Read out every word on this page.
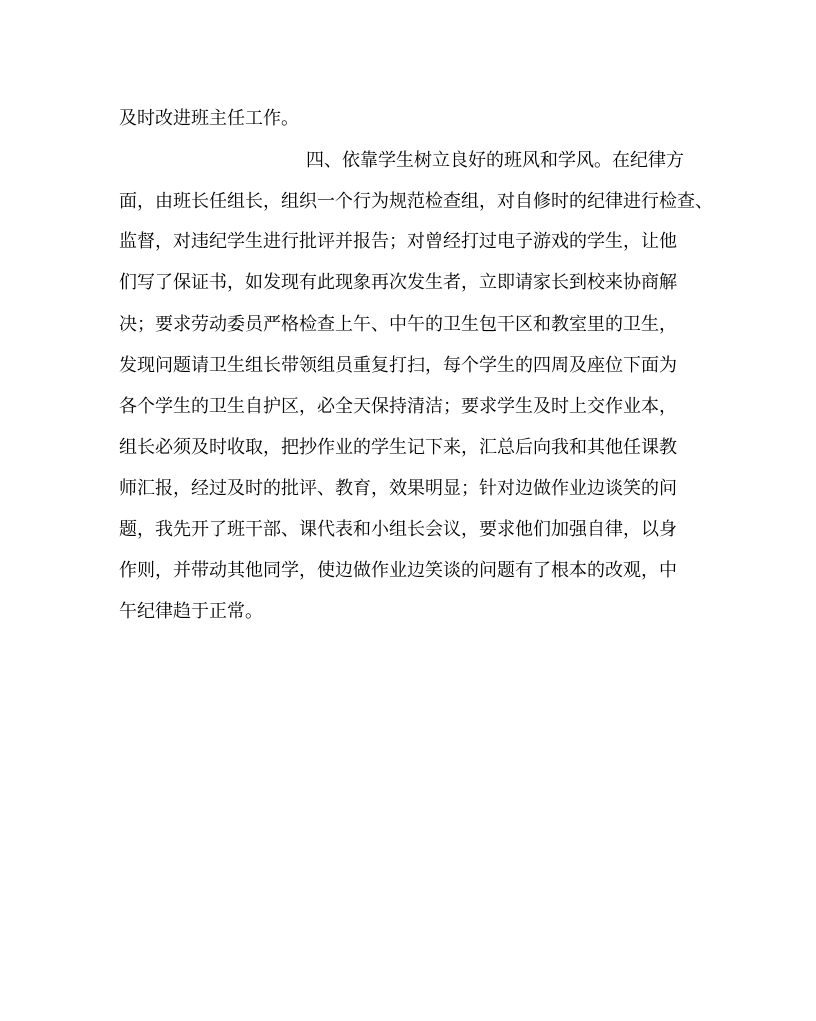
及时改进班主任工作。
四、依靠学生树立良好的班风和学风。在纪律方
面，由班长任组长，组织一个行为规范检查组，对自修时的纪律进行检查、
监督，对违纪学生进行批评并报告；对曾经打过电子游戏的学生，让他
们写了保证书，如发现有此现象再次发生者，立即请家长到校来协商解
决；要求劳动委员严格检查上午、中午的卫生包干区和教室里的卫生，
发现问题请卫生组长带领组员重复打扫，每个学生的四周及座位下面为
各个学生的卫生自护区，必全天保持清洁；要求学生及时上交作业本，
组长必须及时收取，把抄作业的学生记下来，汇总后向我和其他任课教
师汇报，经过及时的批评、教育，效果明显；针对边做作业边谈笑的问
题，我先开了班干部、课代表和小组长会议，要求他们加强自律，以身
作则，并带动其他同学，使边做作业边笑谈的问题有了根本的改观，中
午纪律趋于正常。
